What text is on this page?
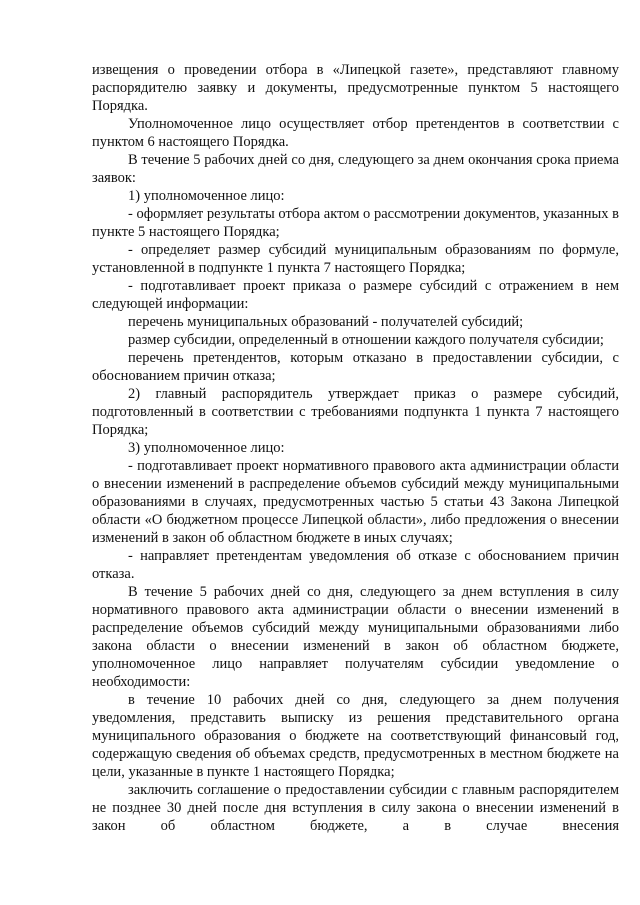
извещения о проведении отбора в «Липецкой газете», представляют главному распорядителю заявку и документы, предусмотренные пунктом 5 настоящего Порядка.

Уполномоченное лицо осуществляет отбор претендентов в соответствии с пунктом 6 настоящего Порядка.

В течение 5 рабочих дней со дня, следующего за днем окончания срока приема заявок:

1) уполномоченное лицо:

- оформляет результаты отбора актом о рассмотрении документов, указанных в пункте 5 настоящего Порядка;

- определяет размер субсидий муниципальным образованиям по формуле, установленной в подпункте 1 пункта 7 настоящего Порядка;

- подготавливает проект приказа о размере субсидий с отражением в нем следующей информации:

перечень муниципальных образований - получателей субсидий;

размер субсидии, определенный в отношении каждого получателя субсидии;

перечень претендентов, которым отказано в предоставлении субсидии, с обоснованием причин отказа;

2) главный распорядитель утверждает приказ о размере субсидий, подготовленный в соответствии с требованиями подпункта 1 пункта 7 настоящего Порядка;

3) уполномоченное лицо:

- подготавливает проект нормативного правового акта администрации области о внесении изменений в распределение объемов субсидий между муниципальными образованиями в случаях, предусмотренных частью 5 статьи 43 Закона Липецкой области «О бюджетном процессе Липецкой области», либо предложения о внесении изменений в закон об областном бюджете в иных случаях;

- направляет претендентам уведомления об отказе с обоснованием причин отказа.

В течение 5 рабочих дней со дня, следующего за днем вступления в силу нормативного правового акта администрации области о внесении изменений в распределение объемов субсидий между муниципальными образованиями либо закона области о внесении изменений в закон об областном бюджете, уполномоченное лицо направляет получателям субсидии уведомление о необходимости:

в течение 10 рабочих дней со дня, следующего за днем получения уведомления, представить выписку из решения представительного органа муниципального образования о бюджете на соответствующий финансовый год, содержащую сведения об объемах средств, предусмотренных в местном бюджете на цели, указанные в пункте 1 настоящего Порядка;

заключить соглашение о предоставлении субсидии с главным распорядителем не позднее 30 дней после дня вступления в силу закона о внесении изменений в закон об областном бюджете, а в случае внесения
